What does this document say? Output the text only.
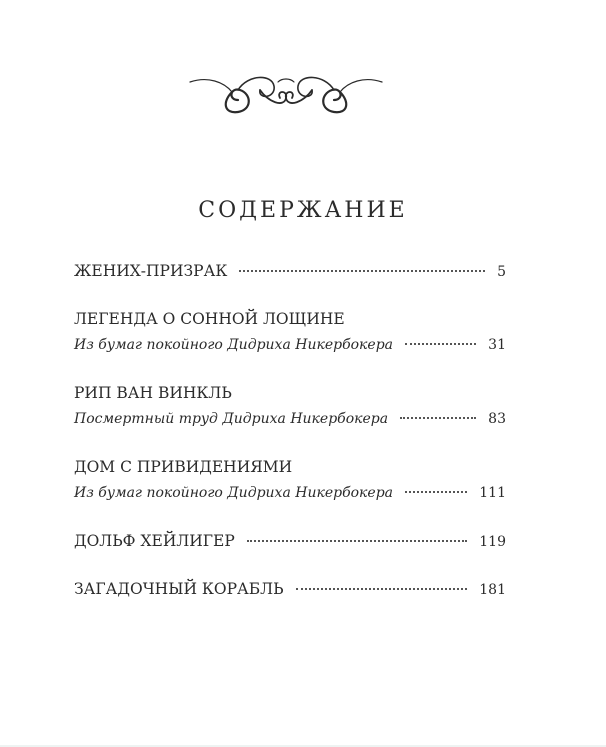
СОДЕРЖАНИЕ
ЖЕНИХ-ПРИЗРАК	5
ЛЕГЕНДА О СОННОЙ ЛОЩИНЕ
Из бумаг покойного Дидриха Никербокера	31
РИП ВАН ВИНКЛЬ
Посмертный труд Дидриха Никербокера	83
ДОМ С ПРИВИДЕНИЯМИ
Из бумаг покойного Дидриха Никербокера	111
ДОЛЬФ ХЕЙЛИГЕР	119
ЗАГАДОЧНЫЙ КОРАБЛЬ	181
